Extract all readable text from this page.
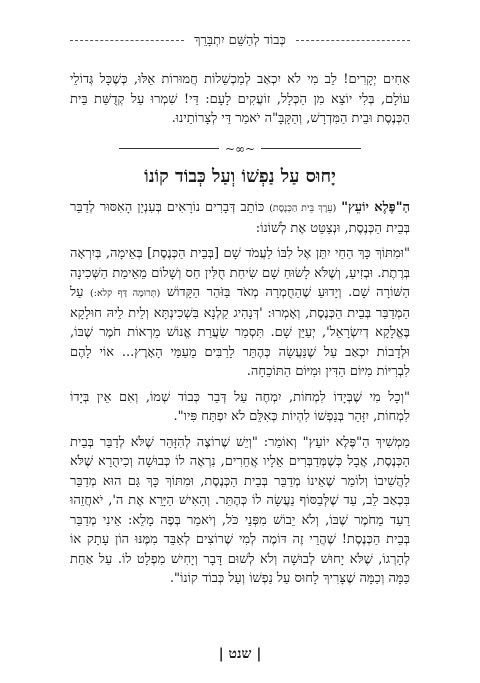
כְּבוֹד לְהַשֵּׁם יִתְבָּרֵךְ

אַחִים יְקָרִים! לֵב מִי לֹא יִכְאַב לְמַכְשֵׁלוֹת חֲמוּרוֹת אֵלּוּ, כְּשֶׁכָּל גְּדוֹלֵי עוֹלָם, בְּלִי יוֹצֵא מִן הַכְּלָל, זוֹעֲקִים לָעָם: דַּי! שִׁמְרוּ עַל קְדֻשַּׁת בֵּית הַכְּנֶסֶת וּבֵית הַמִּדְרָשׁ, וְהַקָּבָּ"ה יֹאמַר דַּי לְצָרוֹתֵינוּ.

~∞~
יָחוּס עַל נַפְשׁוֹ וְעַל כְּבוֹד קוֹנוֹ

הַ"פֶּלֶא יוֹעֵץ" (עֵרֶךְ בֵּית הַכְּנֶסֶת) כּוֹתֵב דְּבָרִים נוֹרָאִים בְּעִנְיַן הָאִסּוּר לְדַבֵּר בְּבֵית הַכְּנֶסֶת, וּנְצַטֵּט אֶת לְשׁוֹנוֹ:

"וּמִתּוֹךְ כָּךְ הַחַי יִתֵּן אֶל לִבּוֹ לַעֲמֹד שָׁם [בְּבֵית הַכְּנֶסֶת] בְּאֵימָה, בְּיִרְאָה בְּרֶתֶת. וּבְזִיעַ, וְשֶׁלֹּא לָשׂוּחַ שָׁם שִׂיחַת חֻלִּין חַס וְשָׁלוֹם מֵאֵימַת הַשְּׁכִינָה הַשּׁוֹרָה שָׁם. וְיָדוּעַ שֶׁהַחֻמְרָה מְאֹד בַּזֹּהַר הַקָּדוֹשׁ (תְּרוּמָה דַּף קלא:) עַל הַמְדַבֵּר בְּבֵית הַכְּנֶסֶת, וְאָמְרוּ: 'דְּנָהִיג קַלְנָא בִּשְׁכִינְתָּא וְלֵית לֵיהּ חוּלָקָא בֶּאֱלָקָא דְיִשְׂרָאֵל', יְעַיֵּן שָׁם. תִּסְמַר שַׂעֲרַת אֱנוֹשׁ מֵרְאוֹת חֹמֶר שֶׁבּוֹ, וּלְדָבוֹת יִכְאַב עַל שֶׁנַּעֲשָׂה כְּהֶתֵּר לָרַבִּים מֵעַמֵּי הָאָרֶץ... אוֹי לָהֶם לִבְרִיּוֹת מִיּוֹם הַדִּין וּמִיּוֹם הַתּוֹכֵחָה.

"וְכָל מִי שֶׁבְּיָדוֹ לִמְחוֹת, יִמְחֶה עַל דְּבַר כְּבוֹד שְׁמוֹ, וְאִם אֵין בְּיָדוֹ לִמְחוֹת, יִזָּהֵר בְּנַפְשׁוֹ לִהְיוֹת כְּאִלֵּם לֹא יִפְתַּח פִּיו".

מַמְשִׁיךְ הַ"פֶּלֶא יוֹעֵץ" וְאוֹמֵר: "וְיֵשׁ שֶׁרוֹצֶה לְהִזָּהֵר שֶׁלֹּא לְדַבֵּר בְּבֵית הַכְּנֶסֶת, אֲבָל כְּשֶׁמְּדַבְּרִים אֵלָיו אֲחֵרִים, נִרְאֶה לוֹ כְּבוּשָׁה וְכִיהֻרָא שֶׁלֹּא לַהֲשִׁיבוֹ וְלוֹמַר שֶׁאֵינוֹ מְדַבֵּר בְּבֵית הַכְּנֶסֶת, וּמִתּוֹךְ כָּךְ גַּם הוּא מְדַבֵּר בִּכְאַב לֵב, עַד שֶׁלְּבַסּוֹף נַעֲשָׂה לוֹ כְּהֶתֵּר. וְהָאִישׁ הַיָּרֵא אֶת ה', יֹאחֲזֵהוּ רַעַד מֵחֹמֶר שֶׁבּוֹ, וְלֹא יֵבוֹשׁ מִפְּנֵי כֹּל, וְיֹאמַר בְּפֶה מָלֵא: אֵינִי מְדַבֵּר בְּבֵית הַכְּנֶסֶת! שֶׁהֲרֵי זֶה דּוֹמֶה לְמִי שֶׁרוֹצִים לְאַבֵּד מִמֶּנּוּ הוֹן עָתָק אוֹ לְהָרְגוֹ, שֶׁלֹּא יָחוּשׁ לְבוּשָׁה וְלֹא לְשׁוּם דָּבָר וְיָחִישׁ מִפְלָט לוֹ. עַל אַחַת כַּמָּה וְכַמָּה שֶׁצָּרִיךְ לָחוּס עַל נַפְשׁוֹ וְעַל כְּבוֹד קוֹנוֹ".

| שנט |
